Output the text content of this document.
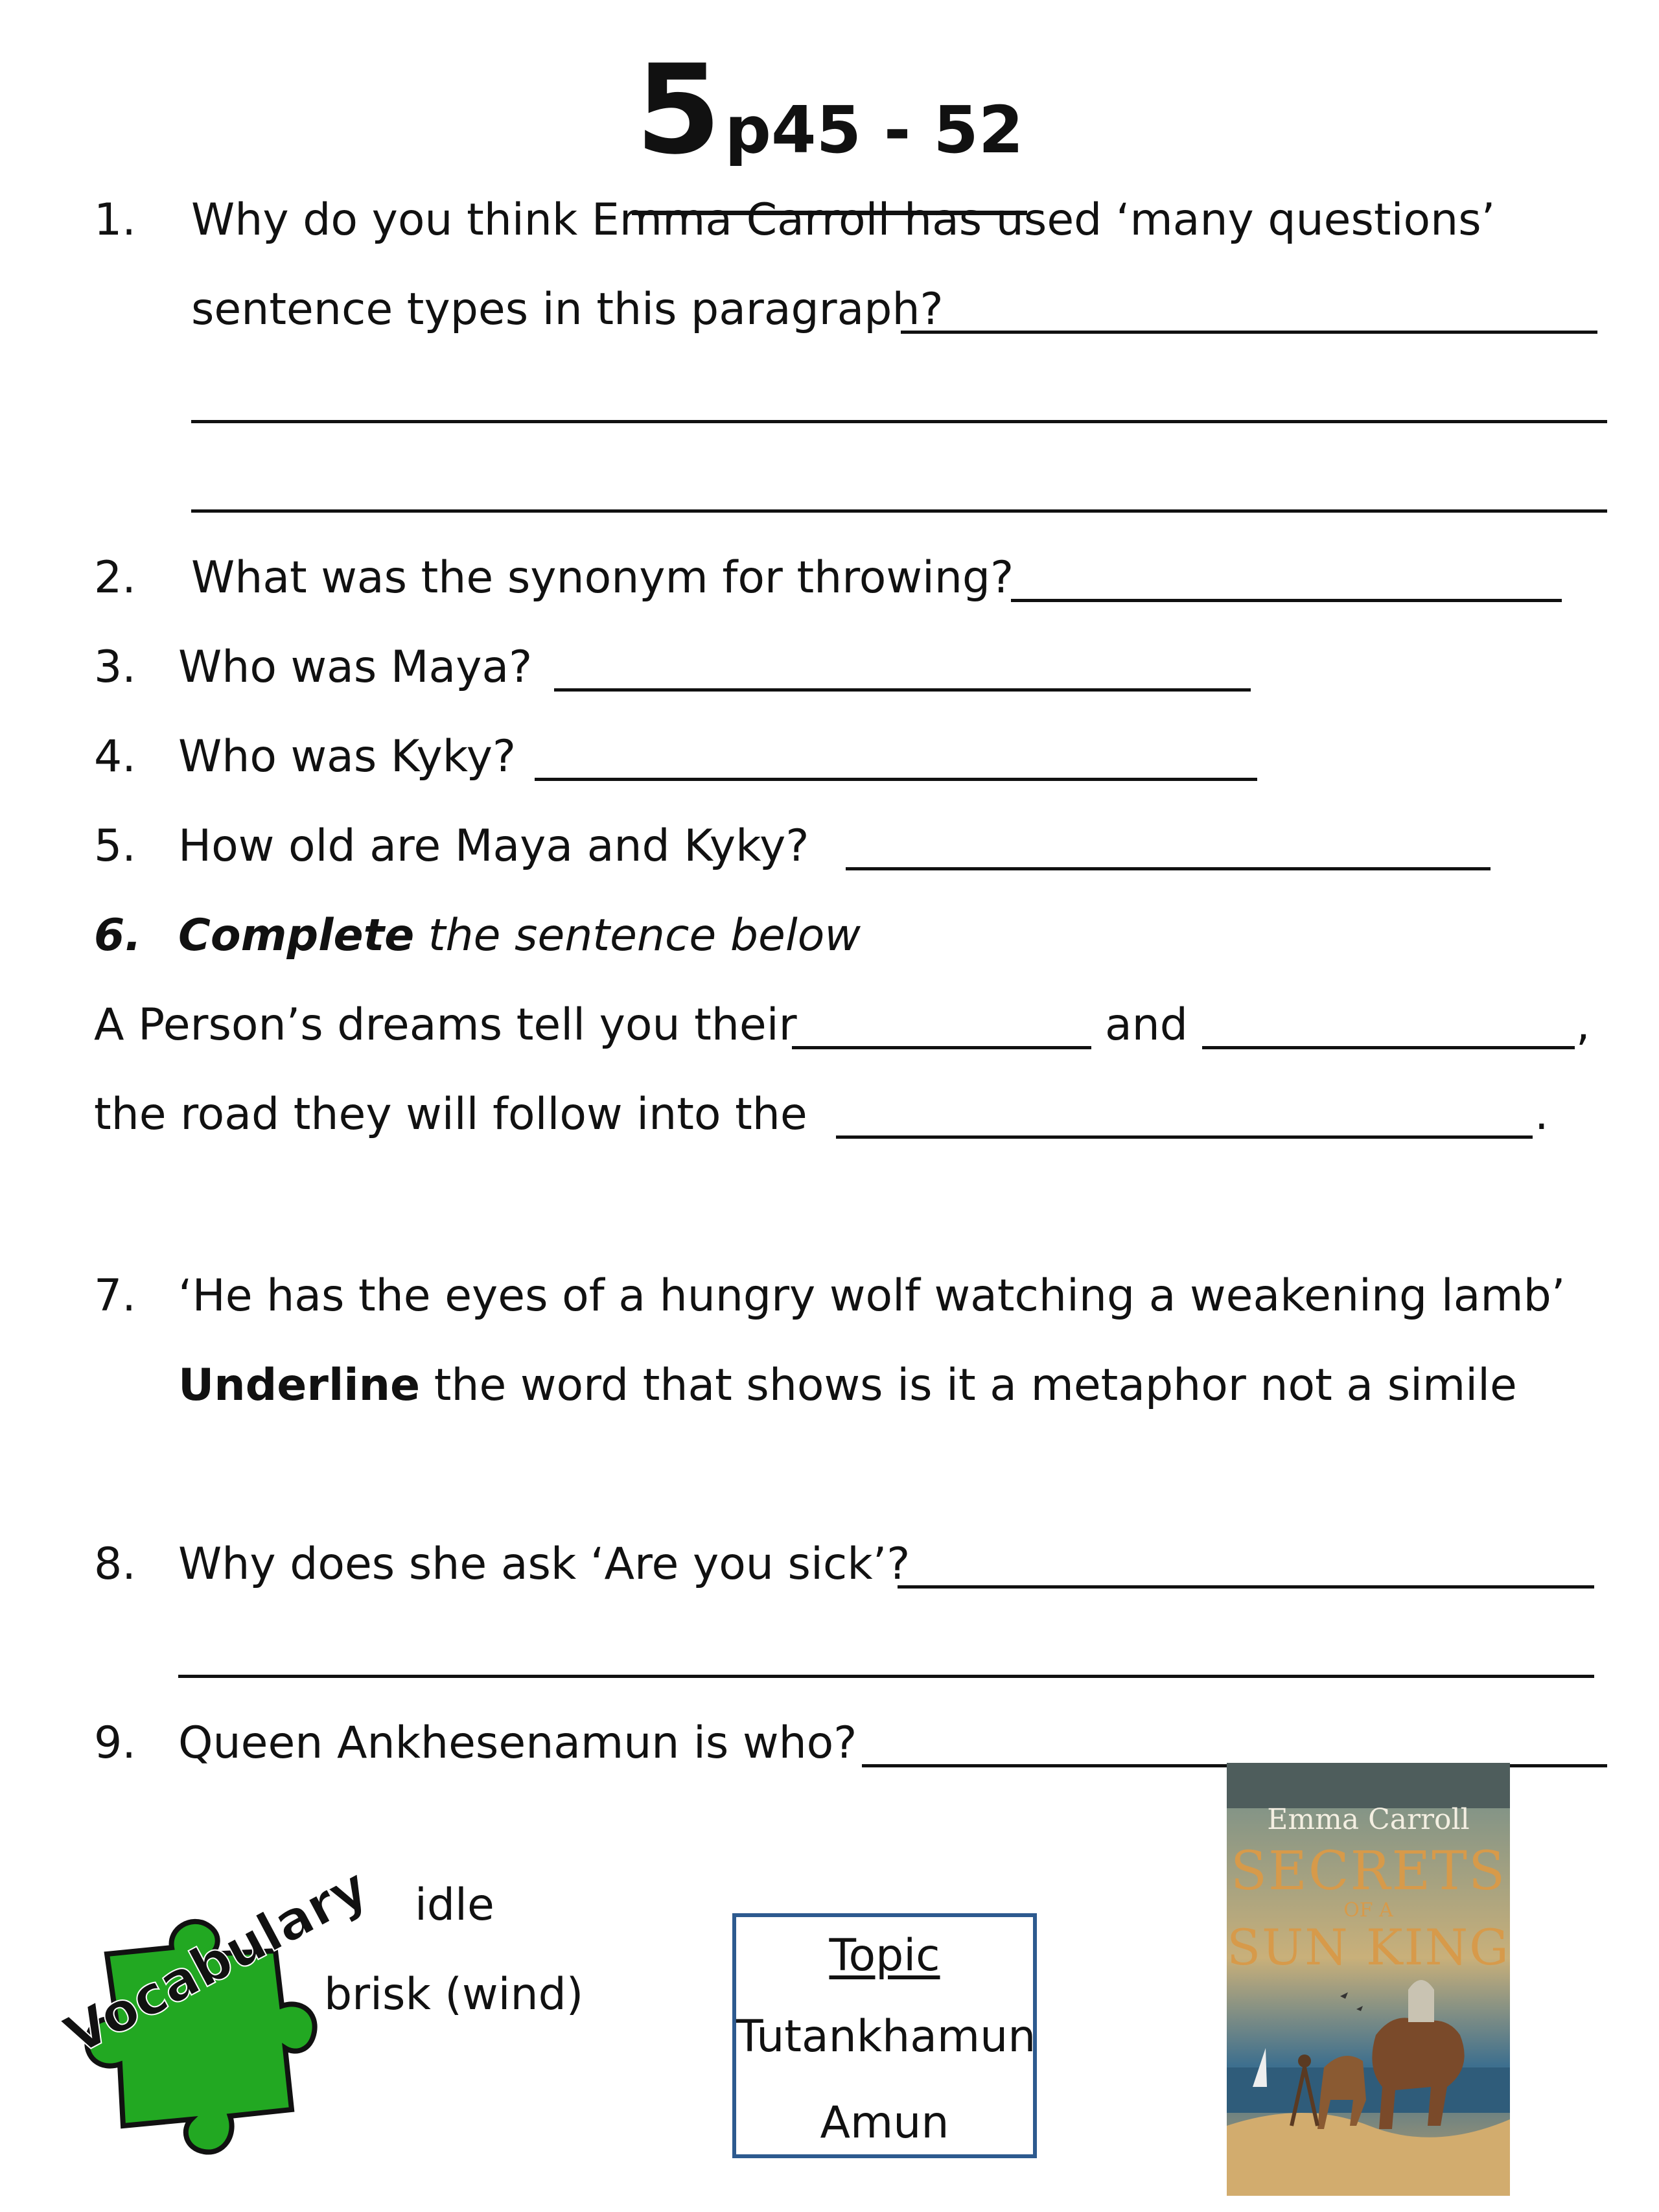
5 p45 - 52
1. Why do you think Emma Carroll has used ‘many questions’
sentence types in this paragraph?
2. What was the synonym for throwing?
3. Who was Maya?
4. Who was Kyky?
5. How old are Maya and Kyky?
6. Complete the sentence below
A Person’s dreams tell you their	and	,
the road they will follow into the	.
7. ‘He has the eyes of a hungry wolf watching a weakening lamb’
Underline the word that shows is it a metaphor not a simile
8. Why does she ask ‘Are you sick’?
9. Queen Ankhesenamun is who?
Vocabulary idle
brisk (wind)
Topic
Tutankhamun
Amun
Emma Carroll
SECRETS
OF A
SUN KING
